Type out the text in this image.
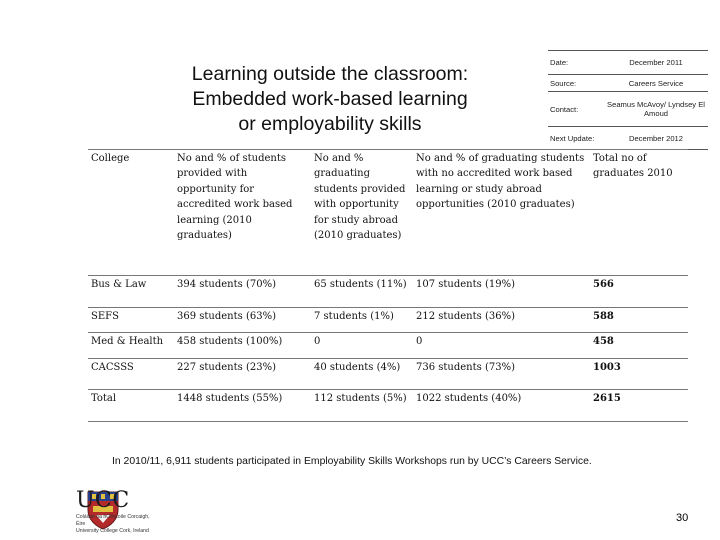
Learning outside the classroom:
Embedded work-based learning
or employability skills
Date:	December 2011
Source:	Careers Service
Contact:	Seamus McAvoy/ Lyndsey El Amoud
Next Update:	December 2012
College	No and % of students provided with opportunity for accredited work based learning (2010 graduates)	No and % graduating students provided with opportunity for study abroad (2010 graduates)	No and % of graduating students with no accredited work based learning or study abroad opportunities (2010 graduates)	Total no of graduates 2010
Bus & Law	394 students (70%)	65 students (11%)	107 students (19%)	566
SEFS	369 students (63%)	7 students (1%)	212 students (36%)	588
Med & Health	458 students (100%)	0	0	458
CACSSS	227 students (23%)	40 students (4%)	736 students (73%)	1003
Total	1448 students (55%)	112 students (5%)	1022 students (40%)	2615
In 2010/11, 6,911 students participated in Employability Skills Workshops run by UCC’s Careers Service.
UCC
Coláiste na hOllscoile Corcaigh, Éire
University College Cork, Ireland
30
